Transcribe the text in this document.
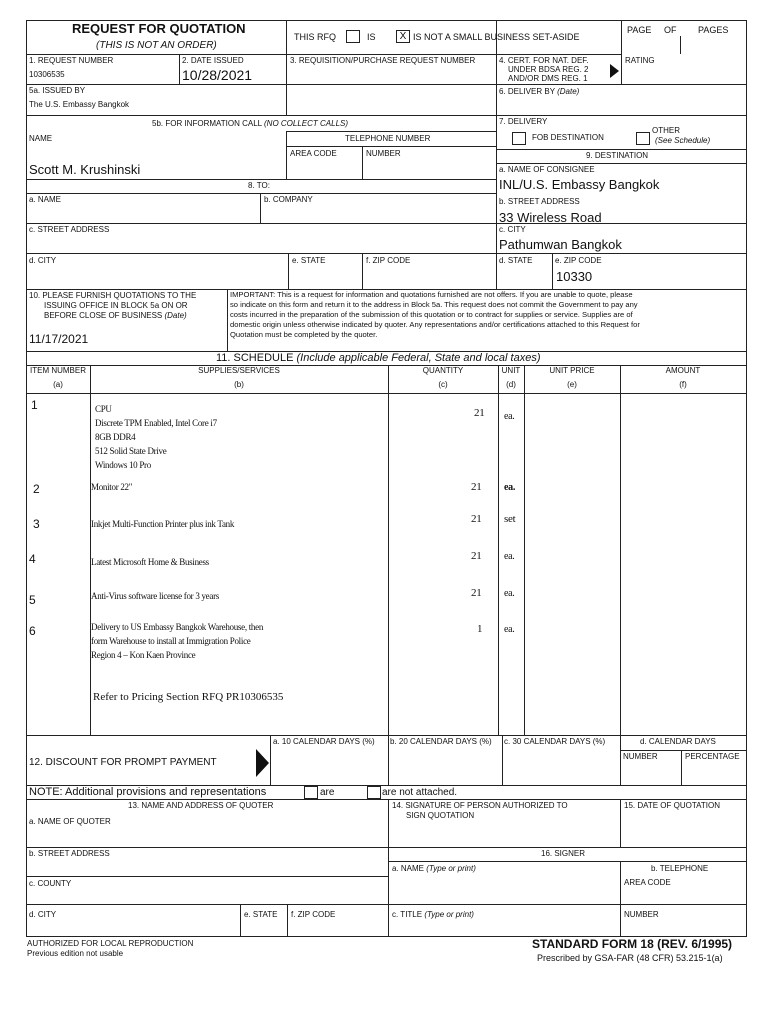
REQUEST FOR QUOTATION
(THIS IS NOT AN ORDER)
THIS RFQ	IS	X IS NOT A SMALL BUSINESS SET-ASIDE
PAGE OF PAGES
1. REQUEST NUMBER
10306535
2. DATE ISSUED
10/28/2021
3. REQUISITION/PURCHASE REQUEST NUMBER	4. CERT. FOR NAT. DEF.
UNDER BDSA REG. 2
AND/OR DMS REG. 1
RATING
5a. ISSUED BY
The U.S. Embassy Bangkok
6. DELIVER BY (Date)
5b. FOR INFORMATION CALL (NO COLLECT CALLS)
NAME	TELEPHONE NUMBER
AREA CODE	NUMBER
Scott M. Krushinski
7. DELIVERY
FOB DESTINATION
OTHER
(See Schedule)
9. DESTINATION
a. NAME OF CONSIGNEE
INL/U.S. Embassy Bangkok
b. STREET ADDRESS
33 Wireless Road
c. CITY
Pathumwan Bangkok
d. STATE	e. ZIP CODE
10330
8. TO:
a. NAME	b. COMPANY
c. STREET ADDRESS
d. CITY	e. STATE	f. ZIP CODE
10. PLEASE FURNISH QUOTATIONS TO THE
ISSUING OFFICE IN BLOCK 5a ON OR
BEFORE CLOSE OF BUSINESS (Date)
11/17/2021
IMPORTANT: This is a request for information and quotations furnished are not offers. If you are unable to quote, please
so indicate on this form and return it to the address in Block 5a. This request does not commit the Government to pay any
costs incurred in the preparation of the submission of this quotation or to contract for supplies or service. Supplies are of
domestic origin unless otherwise indicated by quoter. Any representations and/or certifications attached to this Request for
Quotation must be completed by the quoter.
11. SCHEDULE (Include applicable Federal, State and local taxes)
ITEM NUMBER
(a)
SUPPLIES/SERVICES
(b)
QUANTITY
(c)
UNIT
(d)
UNIT PRICE
(e)
AMOUNT
(f)
1	CPU
Discrete TPM Enabled, Intel Core i7
8GB DDR4
512 Solid State Drive
Windows 10 Pro
21 ea.
2	Monitor 22"	21 ea.
3	Inkjet Multi-Function Printer plus ink Tank	21 set
4	Latest Microsoft Home & Business	21 ea.
5	Anti-Virus software license for 3 years	21 ea.
6	Delivery to US Embassy Bangkok Warehouse, then
form Warehouse to install at Immigration Police
Region 4 – Kon Kaen Province
1 ea.
Refer to Pricing Section RFQ PR10306535
12. DISCOUNT FOR PROMPT PAYMENT
a. 10 CALENDAR DAYS (%) b. 20 CALENDAR DAYS (%) c. 30 CALENDAR DAYS (%)	d. CALENDAR DAYS
NUMBER	PERCENTAGE
NOTE: Additional provisions and representations	are	are not attached.
13. NAME AND ADDRESS OF QUOTER
a. NAME OF QUOTER
b. STREET ADDRESS
c. COUNTY
d. CITY	e. STATE f. ZIP CODE
14. SIGNATURE OF PERSON AUTHORIZED TO
SIGN QUOTATION
15. DATE OF QUOTATION
16. SIGNER
a. NAME (Type or print)	b. TELEPHONE
AREA CODE
c. TITLE (Type or print)	NUMBER
AUTHORIZED FOR LOCAL REPRODUCTION
Previous edition not usable
STANDARD FORM 18 (REV. 6/1995)
Prescribed by GSA-FAR (48 CFR) 53.215-1(a)
